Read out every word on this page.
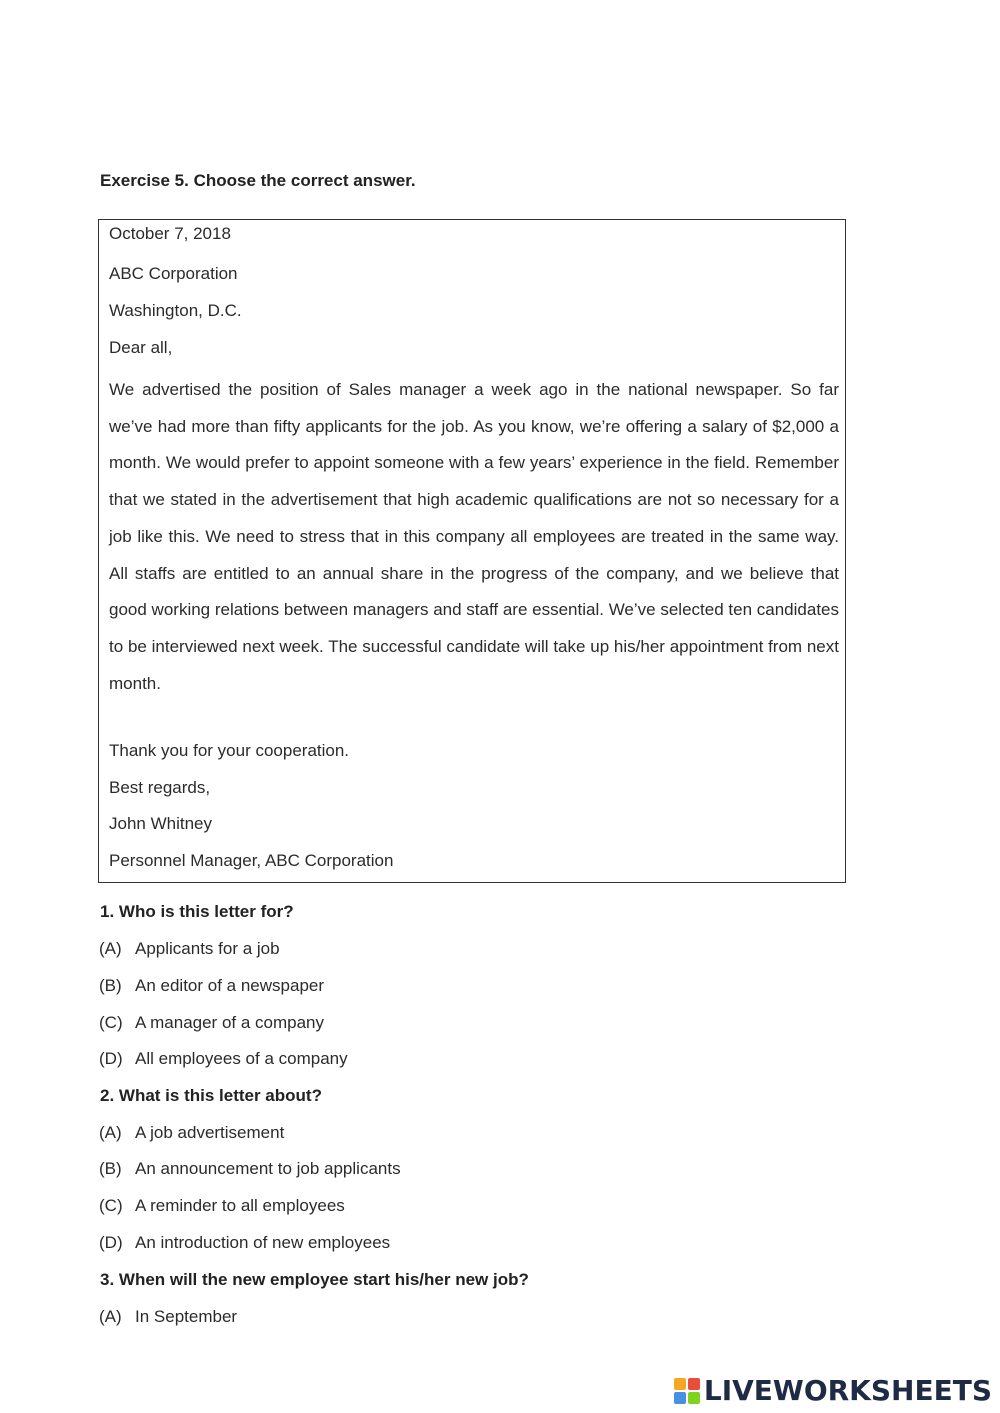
Exercise 5. Choose the correct answer.
October 7, 2018
ABC Corporation
Washington, D.C.
Dear all,

We advertised the position of Sales manager a week ago in the national newspaper. So far we’ve had more than fifty applicants for the job. As you know, we’re offering a salary of $2,000 a month. We would prefer to appoint someone with a few years’ experience in the field. Remember that we stated in the advertisement that high academic qualifications are not so necessary for a job like this. We need to stress that in this company all employees are treated in the same way. All staffs are entitled to an annual share in the progress of the company, and we believe that good working relations between managers and staff are essential. We’ve selected ten candidates to be interviewed next week. The successful candidate will take up his/her appointment from next month.

Thank you for your cooperation.
Best regards,
John Whitney
Personnel Manager, ABC Corporation
1. Who is this letter for?
(A) Applicants for a job
(B) An editor of a newspaper
(C) A manager of a company
(D) All employees of a company
2. What is this letter about?
(A) A job advertisement
(B) An announcement to job applicants
(C) A reminder to all employees
(D) An introduction of new employees
3. When will the new employee start his/her new job?
(A) In September
LIVEWORKSHEETS
